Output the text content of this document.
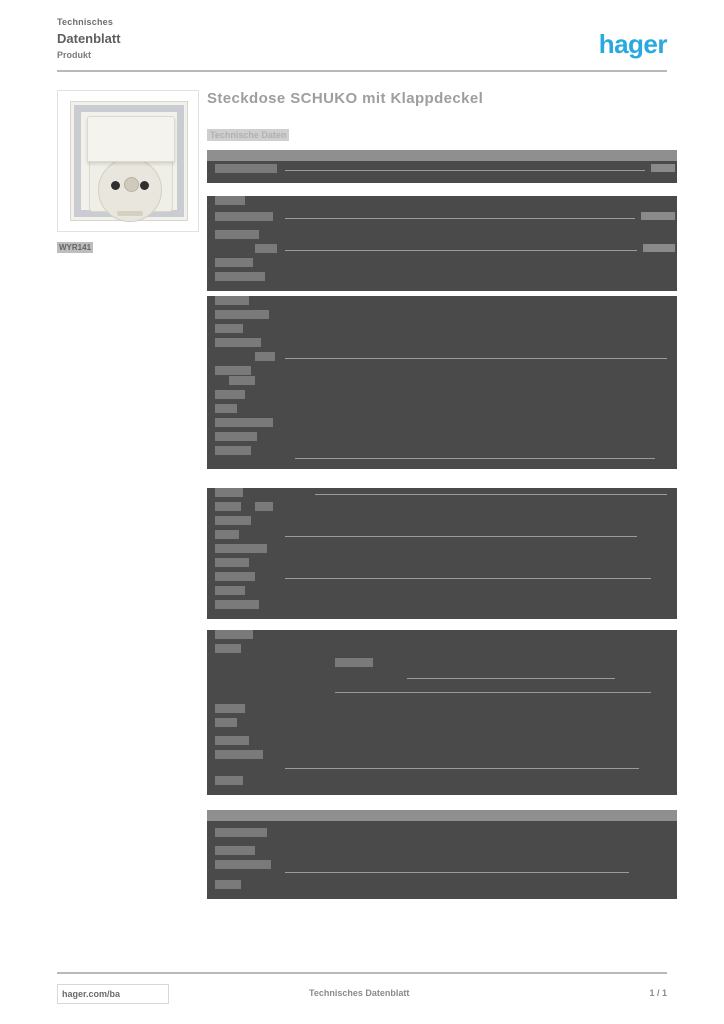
Technisches
Datenblatt
Produkt	hager
WYR141
Steckdose SCHUKO mit Klappdeckel
Technische Daten
hager.com/ba	Technisches Datenblatt	1 / 1
